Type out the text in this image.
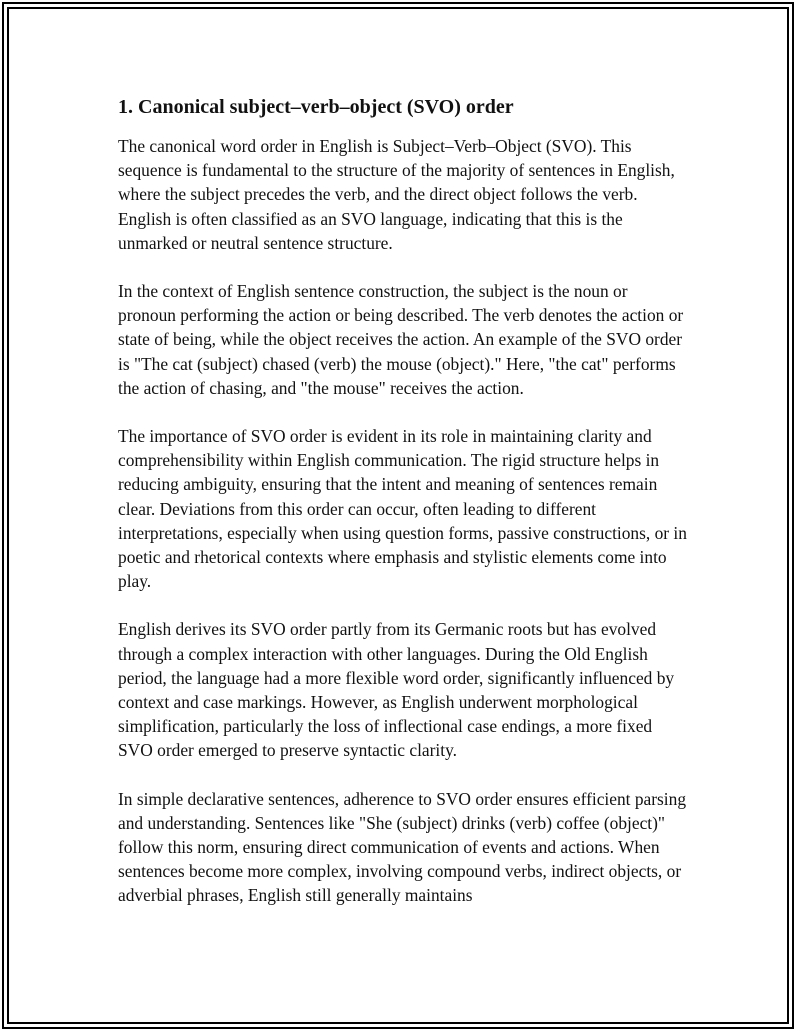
1. Canonical subject–verb–object (SVO) order

The canonical word order in English is Subject–Verb–Object (SVO). This sequence is fundamental to the structure of the majority of sentences in English, where the subject precedes the verb, and the direct object follows the verb. English is often classified as an SVO language, indicating that this is the unmarked or neutral sentence structure.

In the context of English sentence construction, the subject is the noun or pronoun performing the action or being described. The verb denotes the action or state of being, while the object receives the action. An example of the SVO order is "The cat (subject) chased (verb) the mouse (object)." Here, "the cat" performs the action of chasing, and "the mouse" receives the action.

The importance of SVO order is evident in its role in maintaining clarity and comprehensibility within English communication. The rigid structure helps in reducing ambiguity, ensuring that the intent and meaning of sentences remain clear. Deviations from this order can occur, often leading to different interpretations, especially when using question forms, passive constructions, or in poetic and rhetorical contexts where emphasis and stylistic elements come into play.

English derives its SVO order partly from its Germanic roots but has evolved through a complex interaction with other languages. During the Old English period, the language had a more flexible word order, significantly influenced by context and case markings. However, as English underwent morphological simplification, particularly the loss of inflectional case endings, a more fixed SVO order emerged to preserve syntactic clarity.

In simple declarative sentences, adherence to SVO order ensures efficient parsing and understanding. Sentences like "She (subject) drinks (verb) coffee (object)" follow this norm, ensuring direct communication of events and actions. When sentences become more complex, involving compound verbs, indirect objects, or adverbial phrases, English still generally maintains
